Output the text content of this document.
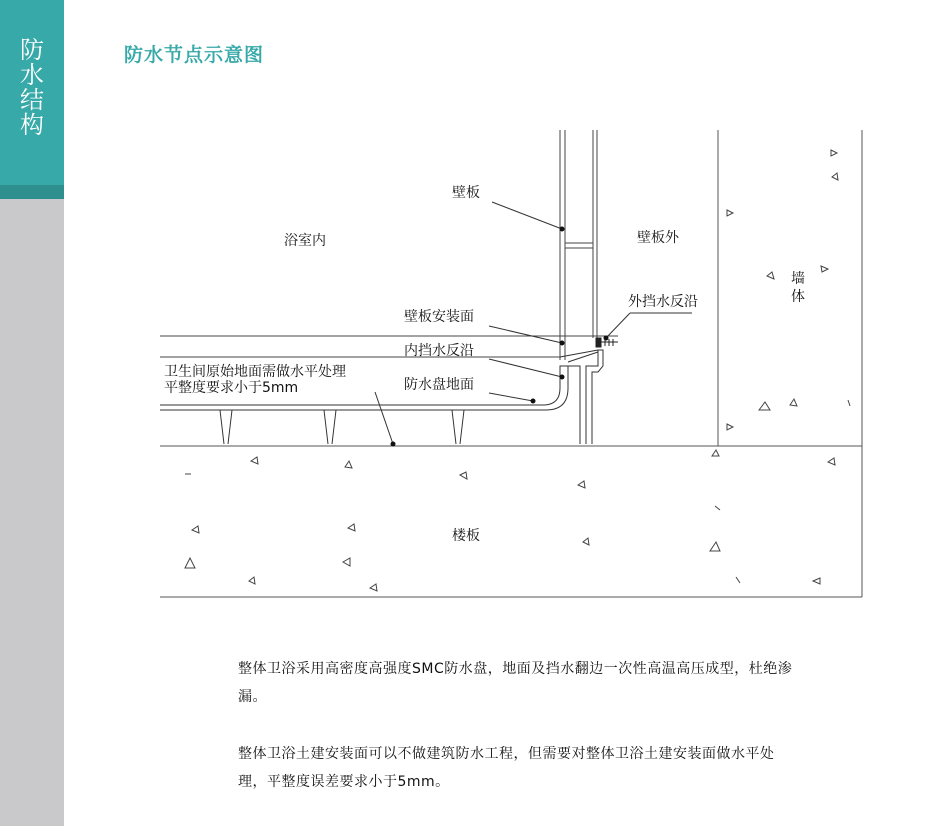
防水结构
防水节点示意图
浴室内
壁板
壁板外
壁板安装面
外挡水反沿
内挡水反沿
卫生间原始地面需做水平处理
平整度要求小于5mm	防水盘地面
墙体
楼板
整体卫浴采用高密度高强度SMC防水盘，地面及挡水翻边一次性高温高压成型，杜绝渗漏。
整体卫浴土建安装面可以不做建筑防水工程，但需要对整体卫浴土建安装面做水平处理，平整度误差要求小于5mm。
